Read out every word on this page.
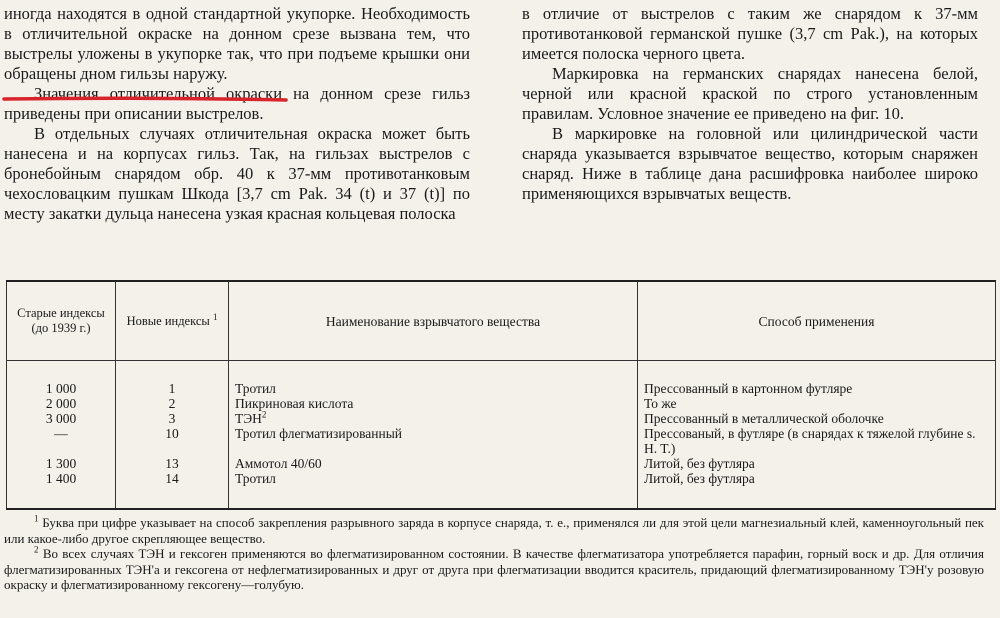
иногда находятся в одной стандартной укупорке. Необходимость в отличительной окраске на донном срезе вызвана тем, что выстрелы уложены в укупорке так, что при подъеме крышки они обращены дном гильзы наружу.

Значения отличительной окраски на донном срезе гильз приведены при описании выстрелов.

В отдельных случаях отличительная окраска может быть нанесена и на корпусах гильз. Так, на гильзах выстрелов с бронебойным снарядом обр. 40 к 37-мм противотанковым чехословацким пушкам Шкода [3,7 cm Pak. 34 (t) и 37 (t)] по месту закатки дульца нанесена узкая красная кольцевая полоска

в отличие от выстрелов с таким же снарядом к 37-мм противотанковой германской пушке (3,7 cm Pak.), на которых имеется полоска черного цвета.

Маркировка на германских снарядах нанесена белой, черной или красной краской по строго установленным правилам. Условное значение ее приведено на фиг. 10.

В маркировке на головной или цилиндрической части снаряда указывается взрывчатое вещество, которым снаряжен снаряд. Ниже в таблице дана расшифровка наиболее широко применяющихся взрывчатых веществ.

Старые индексы (до 1939 г.)	Новые индексы $^1$	Наименование взрывчатого вещества	Способ применения

1 000	1	Тротил	Прессованный в картонном футляре
2 000	2	Пикриновая кислота	То же
3 000	3	ТЭН$^2$	Прессованный в металлической оболочке
—	10	Тротил флегматизированный	Прессованый, в футляре (в снарядах к тяжелой глубине s. H. T.)
1 300	13	Аммотол 40/60	Литой, без футляра
1 400	14	Тротил	Литой, без футляра

$^1$ Буква при цифре указывает на способ закрепления разрывного заряда в корпусе снаряда, т. е., применялся ли для этой цели магнезиальный клей, каменноугольный пек или какое-либо другое скрепляющее вещество.

$^2$ Во всех случаях ТЭН и гексоген применяются во флегматизированном состоянии. В качестве флегматизатора употребляется парафин, горный воск и др. Для отличия флегматизированных ТЭН'а и гексогена от нефлегматизированных и друг от друга при флегматизации вводится краситель, придающий флегматизированному ТЭН'у розовую окраску и флегматизированному гексогену—голубую.
